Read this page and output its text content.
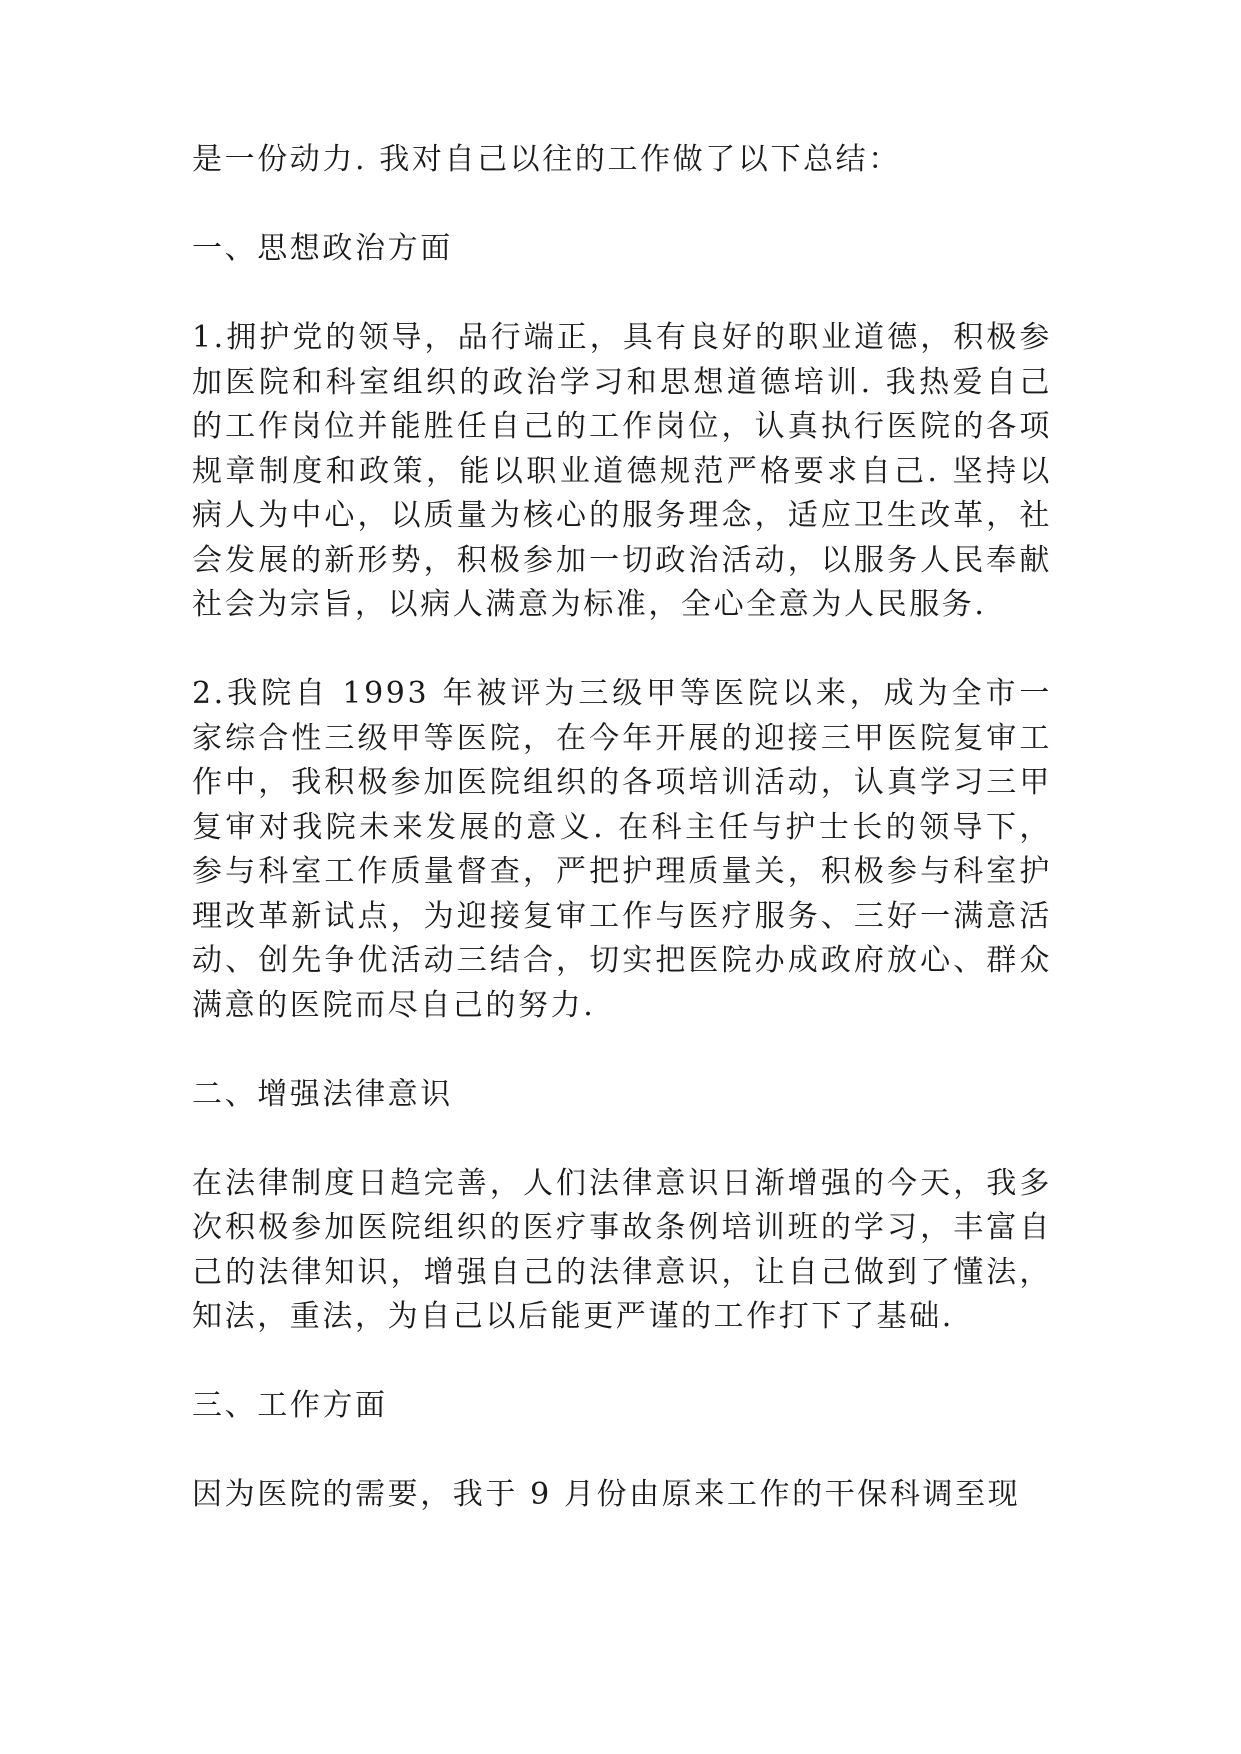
是一份动力. 我对自己以往的工作做了以下总结：

一、思想政治方面

1.拥护党的领导，品行端正，具有良好的职业道德，积极参加医院和科室组织的政治学习和思想道德培训. 我热爱自己的工作岗位并能胜任自己的工作岗位，认真执行医院的各项规章制度和政策，能以职业道德规范严格要求自己. 坚持以病人为中心，以质量为核心的服务理念，适应卫生改革，社会发展的新形势，积极参加一切政治活动，以服务人民奉献社会为宗旨，以病人满意为标准，全心全意为人民服务.

2.我院自 1993 年被评为三级甲等医院以来，成为全市一家综合性三级甲等医院，在今年开展的迎接三甲医院复审工作中，我积极参加医院组织的各项培训活动，认真学习三甲复审对我院未来发展的意义. 在科主任与护士长的领导下，参与科室工作质量督查，严把护理质量关，积极参与科室护理改革新试点，为迎接复审工作与医疗服务、三好一满意活动、创先争优活动三结合，切实把医院办成政府放心、群众满意的医院而尽自己的努力.

二、增强法律意识

在法律制度日趋完善，人们法律意识日渐增强的今天，我多次积极参加医院组织的医疗事故条例培训班的学习，丰富自己的法律知识，增强自己的法律意识，让自己做到了懂法，知法，重法，为自己以后能更严谨的工作打下了基础.

三、工作方面

因为医院的需要，我于 9 月份由原来工作的干保科调至现
